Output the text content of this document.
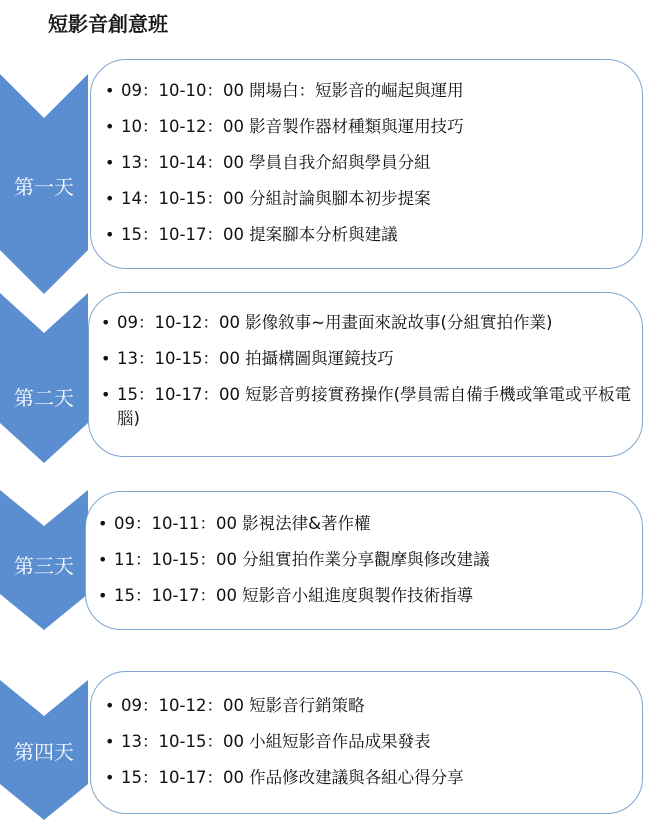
短影音創意班
第一天
• 09：10-10：00 開場白：短影音的崛起與運用
• 10：10-12：00 影音製作器材種類與運用技巧
• 13：10-14：00 學員自我介紹與學員分組
• 14：10-15：00 分組討論與腳本初步提案
• 15：10-17：00 提案腳本分析與建議
第二天
• 09：10-12：00 影像敘事~用畫面來說故事(分組實拍作業)
• 13：10-15：00 拍攝構圖與運鏡技巧
• 15：10-17：00 短影音剪接實務操作(學員需自備手機或筆電或平板電腦)
第三天
• 09：10-11：00 影視法律&著作權
• 11：10-15：00 分組實拍作業分享觀摩與修改建議
• 15：10-17：00 短影音小組進度與製作技術指導
第四天
• 09：10-12：00 短影音行銷策略
• 13：10-15：00 小組短影音作品成果發表
• 15：10-17：00 作品修改建議與各組心得分享
